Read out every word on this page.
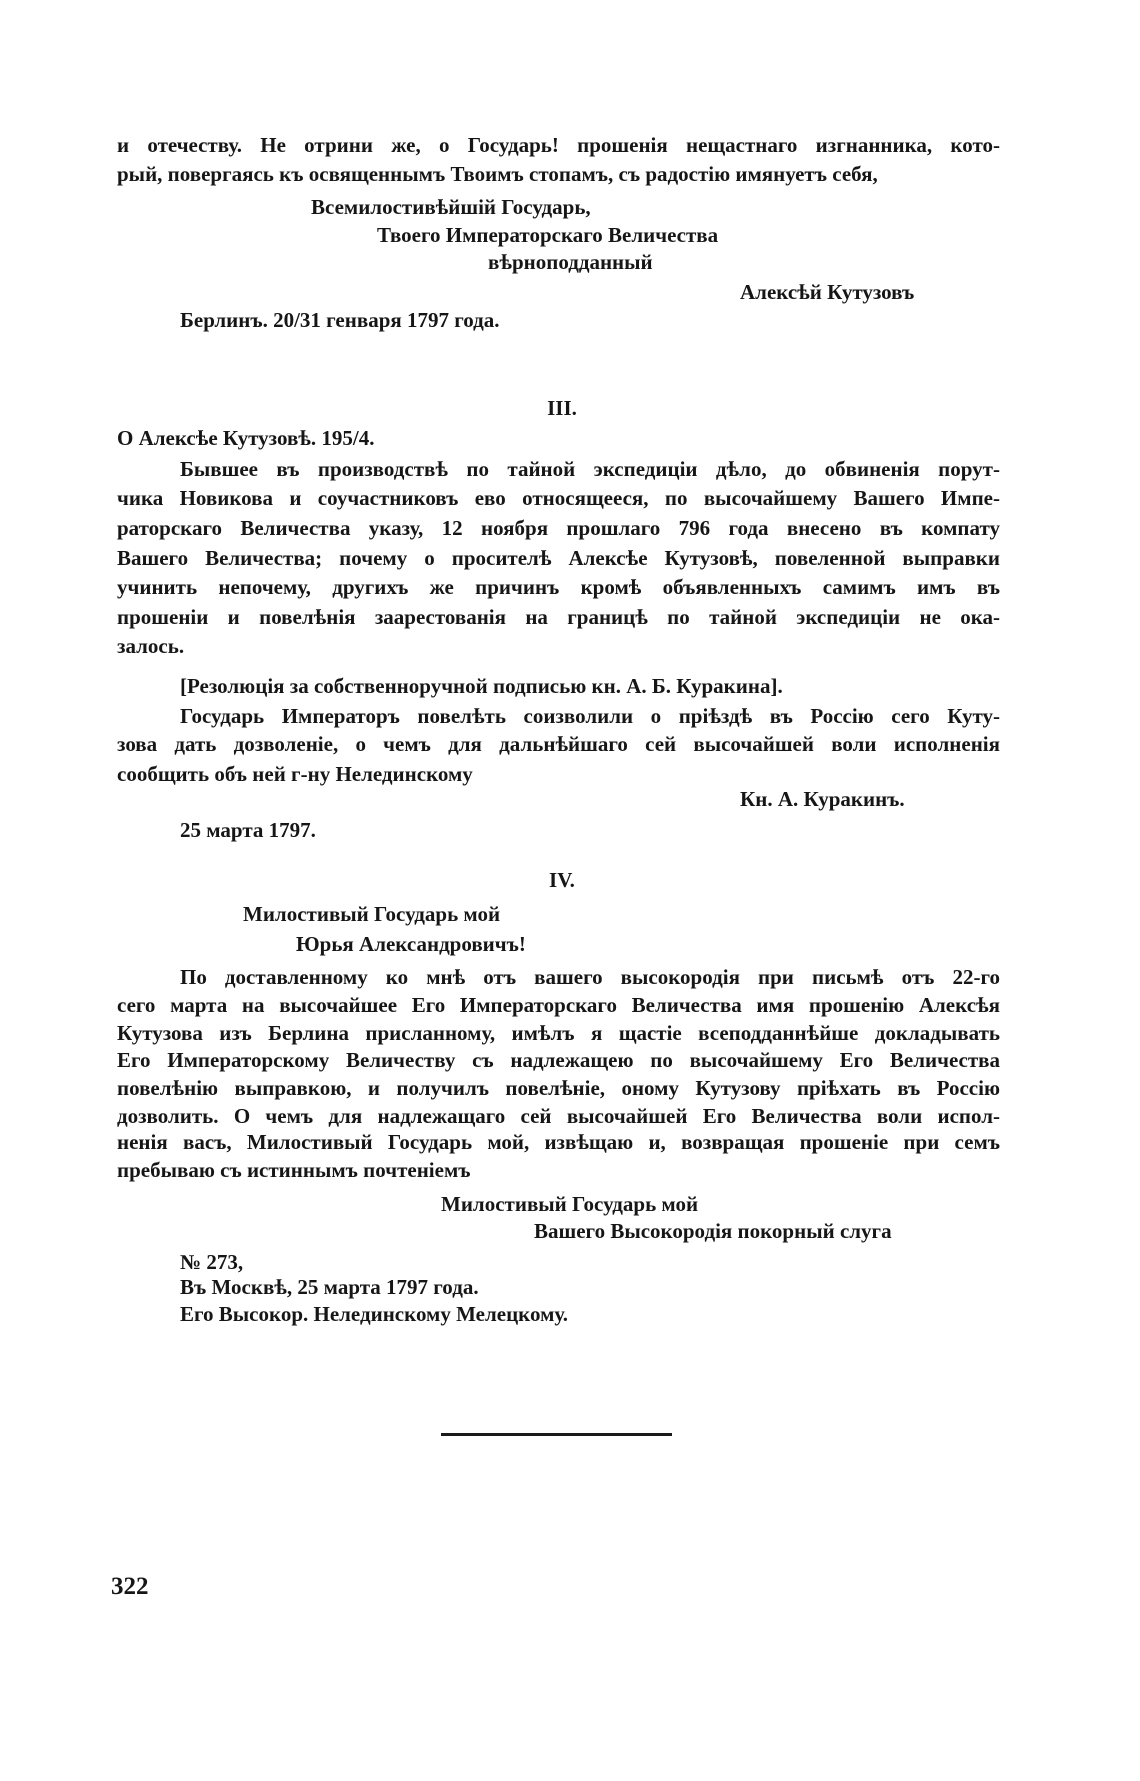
и отечеству. Не отрини же, о Государь! прошенія нещастнаго изгнанника, кото-
рый, повергаясь къ освященнымъ Твоимъ стопамъ, съ радостію имянуетъ себя,
Всемилостивѣйшій Государь,
Твоего Императорскаго Величества
вѣрноподданный
Алексѣй Кутузовъ
Берлинъ. 20/31 генваря 1797 года.
III.
О Алексѣе Кутузовѣ. 195/4.
Бывшее въ производствѣ по тайной экспедиціи дѣло, до обвиненія порут-
чика Новикова и соучастниковъ ево относящееся, по высочайшему Вашего Импе-
раторскаго Величества указу, 12 ноября прошлаго 796 года внесено въ компату
Вашего Величества; почему о просителѣ Алексѣе Кутузовѣ, повеленной выправки
учинить непочему, другихъ же причинъ кромѣ объявленныхъ самимъ имъ въ
прошеніи и повелѣнія заарестованія на границѣ по тайной экспедиціи не ока-
залось.
[Резолюція за собственноручной подписью кн. А. Б. Куракина].
Государь Императоръ повелѣть соизволили о пріѣздѣ въ Россію сего Куту-
зова дать дозволеніе, о чемъ для дальнѣйшаго сей высочайшей воли исполненія
сообщить объ ней г-ну Нелединскому
Кн. А. Куракинъ.
25 марта 1797.
IV.
Милостивый Государь мой
Юрья Александровичъ!
По доставленному ко мнѣ отъ вашего высокородія при письмѣ отъ 22-го
сего марта на высочайшее Его Императорскаго Величества имя прошенію Алексѣя
Кутузова изъ Берлина присланному, имѣлъ я щастіе всеподданнѣйше докладывать
Его Императорскому Величеству съ надлежащею по высочайшему Его Величества
повелѣнію выправкою, и получилъ повелѣніе, оному Кутузову пріѣхать въ Россію
дозволить. О чемъ для надлежащаго сей высочайшей Его Величества воли испол-
ненія васъ, Милостивый Государь мой, извѣщаю и, возвращая прошеніе при семъ
пребываю съ истиннымъ почтеніемъ
Милостивый Государь мой
Вашего Высокородія покорный слуга
№ 273,
Въ Москвѣ, 25 марта 1797 года.
Его Высокор. Нелединскому Мелецкому.
322
